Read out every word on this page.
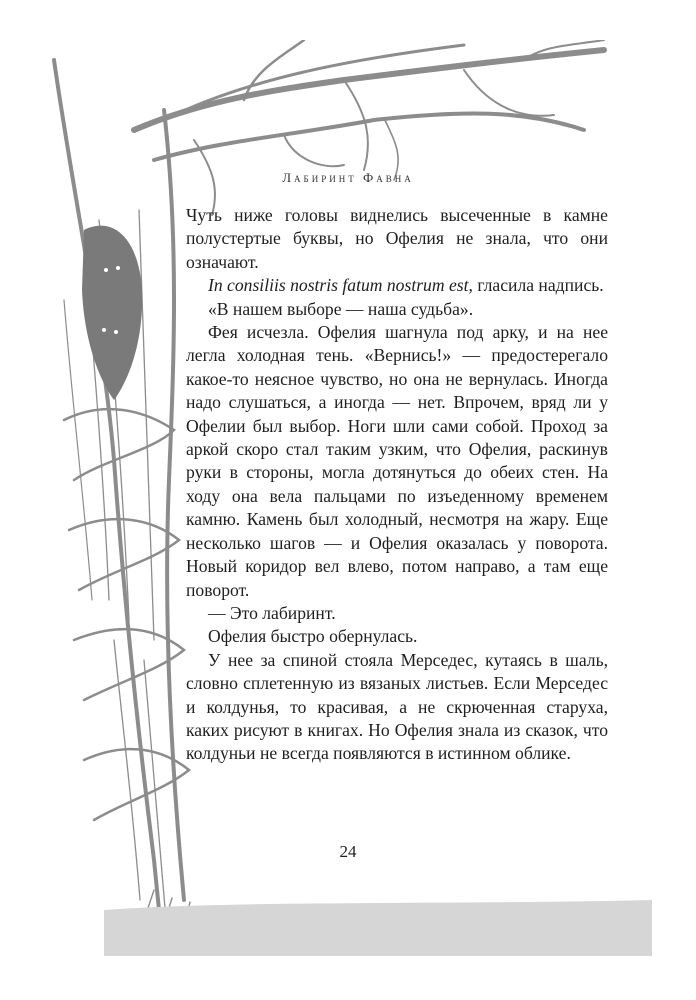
Лабиринт Фавна

Чуть ниже головы виднелись высеченные в камне полустертые буквы, но Офелия не знала, что они означают.

In consiliis nostris fatum nostrum est, гласила надпись.

«В нашем выборе — наша судьба».

Фея исчезла. Офелия шагнула под арку, и на нее легла холодная тень. «Вернись!» — предостерегало какое-то неясное чувство, но она не вернулась. Иногда надо слушаться, а иногда — нет. Впрочем, вряд ли у Офелии был выбор. Ноги шли сами собой. Проход за аркой скоро стал таким узким, что Офелия, раскинув руки в стороны, могла дотянуться до обеих стен. На ходу она вела пальцами по изъеденному временем камню. Камень был холодный, несмотря на жару. Еще несколько шагов — и Офелия оказалась у поворота. Новый коридор вел влево, потом направо, а там еще поворот.

— Это лабиринт.

Офелия быстро обернулась.

У нее за спиной стояла Мерседес, кутаясь в шаль, словно сплетенную из вязаных листьев. Если Мерседес и колдунья, то красивая, а не скрюченная старуха, каких рисуют в книгах. Но Офелия знала из сказок, что колдуньи не всегда появляются в истинном облике.

24
